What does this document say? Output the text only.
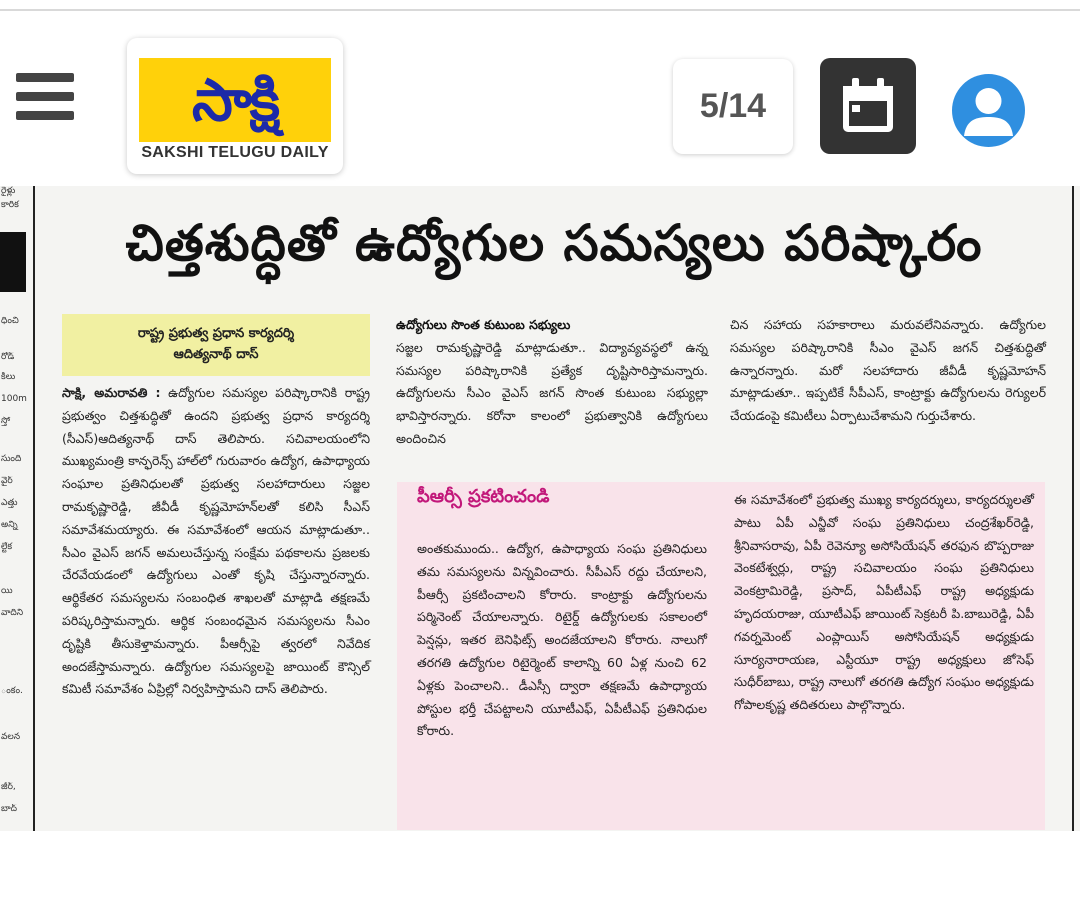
సాక్షి
SAKSHI TELUGU DAILY
5/14
రైళ్లు
కారిక
ధించి
రోడ్
కిలు
100m
స్తో
సుంది
వైర్
ఎత్తు
అన్ని
ల్టేక
యి
వాదిని
ంకం.
వలన
జీర్,
బాద్
చిత్తశుద్ధితో ఉద్యోగుల సమస్యలు పరిష్కారం
రాష్ట్ర ప్రభుత్వ ప్రధాన కార్యదర్శి
ఆదిత్యనాథ్ దాస్
సాక్షి, అమరావతి : ఉద్యోగుల సమస్యల పరిష్కారానికి రాష్ట్ర ప్రభుత్వం చిత్తశుద్ధితో ఉందని ప్రభుత్వ ప్రధాన కార్యదర్శి (సీఎస్)ఆదిత్యనాథ్ దాస్ తెలిపారు. సచివాలయంలోని ముఖ్యమంత్రి కాన్ఫరెన్స్ హాల్‌లో గురువారం ఉద్యోగ, ఉపాధ్యాయ సంఘాల ప్రతినిధులతో ప్రభుత్వ సలహాదారులు సజ్జల రామకృష్ణారెడ్డి, జీవీడీ కృష్ణమోహన్‌లతో కలిసి సీఎస్ సమావేశమయ్యారు. ఈ సమావేశంలో ఆయన మాట్లాడుతూ.. సీఎం వైఎస్ జగన్ అమలుచేస్తున్న సంక్షేమ పథకాలను ప్రజలకు చేరవేయడంలో ఉద్యోగులు ఎంతో కృషి చేస్తున్నారన్నారు. ఆర్థికేతర సమస్యలను సంబంధిత శాఖలతో మాట్లాడి తక్షణమే పరిష్కరిస్తామన్నారు. ఆర్థిక సంబంధమైన సమస్యలను సీఎం దృష్టికి తీసుకెళ్తామన్నారు. పీఆర్సీపై త్వరలో నివేదిక అందజేస్తామన్నారు. ఉద్యోగుల సమస్యలపై జాయింట్ కౌన్సిల్ కమిటీ సమావేశం ఏప్రిల్లో నిర్వహిస్తామని దాస్ తెలిపారు.
ఉద్యోగులు సొంత కుటుంబ సభ్యులు
సజ్జల రామకృష్ణారెడ్డి మాట్లాడుతూ.. విద్యావ్యవస్థలో ఉన్న సమస్యల పరిష్కారానికి ప్రత్యేక దృష్టిసారిస్తామన్నారు. ఉద్యోగులను సీఎం వైఎస్ జగన్ సొంత కుటుంబ సభ్యుల్లా భావిస్తారన్నారు. కరోనా కాలంలో ప్రభుత్వానికి ఉద్యోగులు అందించిన
చిన సహాయ సహకారాలు మరువలేనివన్నారు. ఉద్యోగుల సమస్యల పరిష్కారానికి సీఎం వైఎస్ జగన్ చిత్తశుద్ధితో ఉన్నారన్నారు. మరో సలహాదారు జీవీడీ కృష్ణమోహన్ మాట్లాడుతూ.. ఇప్పటికే సీపీఎస్, కాంట్రాక్టు ఉద్యోగులను రెగ్యులర్ చేయడంపై కమిటీలు ఏర్పాటుచేశామని గుర్తుచేశారు.
పీఆర్సీ ప్రకటించండి
అంతకుముందు.. ఉద్యోగ, ఉపాధ్యాయ సంఘ ప్రతినిధులు తమ సమస్యలను విన్నవించారు. సీపీఎస్ రద్దు చేయాలని, పీఆర్సీ ప్రకటించాలని కోరారు. కాంట్రాక్టు ఉద్యోగులను పర్మినెంట్ చేయాలన్నారు. రిటైర్డ్ ఉద్యోగులకు సకాలంలో పెన్షన్లు, ఇతర బెనిఫిట్స్ అందజేయాలని కోరారు. నాలుగో తరగతి ఉద్యోగుల రిటైర్మెంట్ కాలాన్ని 60 ఏళ్ల నుంచి 62 ఏళ్లకు పెంచాలని.. డీఎస్సీ ద్వారా తక్షణమే ఉపాధ్యాయ పోస్టుల భర్తీ చేపట్టాలని యూటీఎఫ్, ఏపీటీఎఫ్ ప్రతినిధుల కోరారు.
ఈ సమావేశంలో ప్రభుత్వ ముఖ్య కార్యదర్శులు, కార్యదర్శులతో పాటు ఏపీ ఎన్జీవో సంఘ ప్రతినిధులు చంద్రశేఖర్‌రెడ్డి, శ్రీనివాసరావు, ఏపీ రెవెన్యూ అసోసియేషన్ తరఫున బొప్పరాజు వెంకటేశ్వర్లు, రాష్ట్ర సచివాలయం సంఘ ప్రతినిధులు వెంకట్రామిరెడ్డి, ప్రసాద్, ఏపీటీఎఫ్ రాష్ట్ర అధ్యక్షుడు హృదయరాజు, యూటీఎఫ్ జాయింట్ సెక్రటరీ పి.బాబురెడ్డి, ఏపీ గవర్నమెంట్ ఎంప్లాయిస్ అసోసియేషన్ అధ్యక్షుడు సూర్యనారాయణ, ఎస్టీయూ రాష్ట్ర అధ్యక్షులు జోసెఫ్ సుధీర్‌బాబు, రాష్ట్ర నాలుగో తరగతి ఉద్యోగ సంఘం అధ్యక్షుడు గోపాలకృష్ణ తదితరులు పాల్గొన్నారు.
